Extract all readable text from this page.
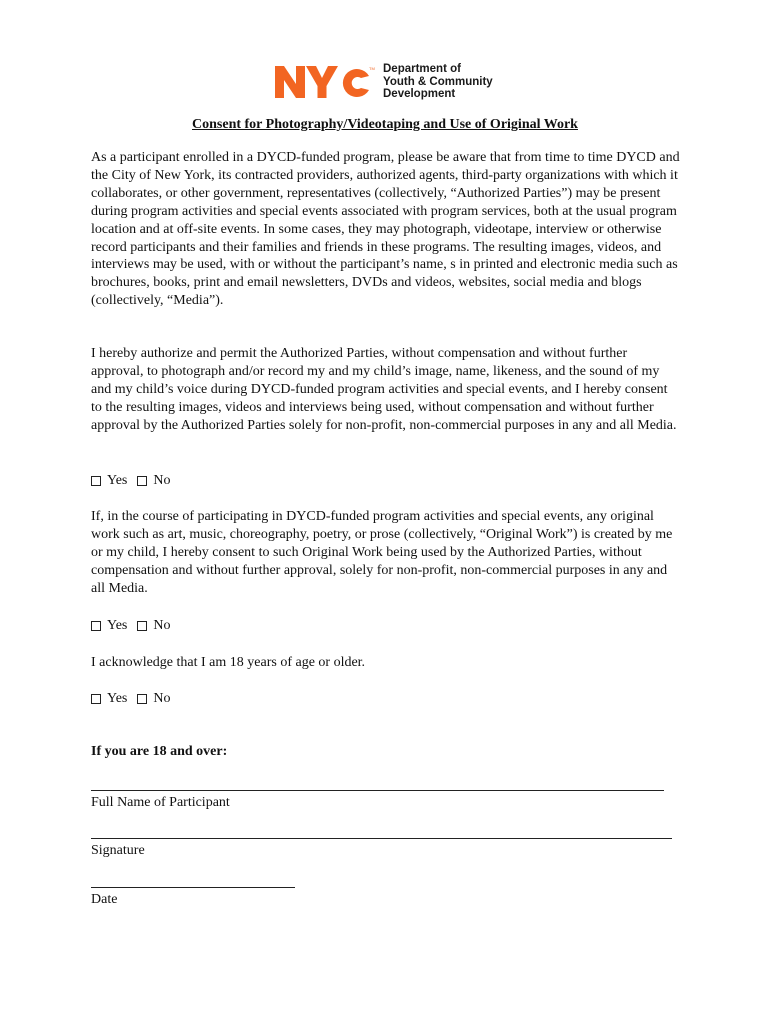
TM Department of
Youth & Community
Development
Consent for Photography/Videotaping and Use of Original Work

As a participant enrolled in a DYCD-funded program, please be aware that from time to time DYCD and the City of New York, its contracted providers, authorized agents, third-party organizations with which it collaborates, or other government, representatives (collectively, “Authorized Parties”) may be present during program activities and special events associated with program services, both at the usual program location and at off-site events. In some cases, they may photograph, videotape, interview or otherwise record participants and their families and friends in these programs. The resulting images, videos, and interviews may be used, with or without the participant’s name, s in printed and electronic media such as brochures, books, print and email newsletters, DVDs and videos, websites, social media and blogs (collectively, “Media”).

I hereby authorize and permit the Authorized Parties, without compensation and without further approval, to photograph and/or record my and my child’s image, name, likeness, and the sound of my and my child’s voice during DYCD-funded program activities and special events, and I hereby consent to the resulting images, videos and interviews being used, without compensation and without further approval by the Authorized Parties solely for non-profit, non-commercial purposes in any and all Media.

Yes No

If, in the course of participating in DYCD-funded program activities and special events, any original work such as art, music, choreography, poetry, or prose (collectively, “Original Work”) is created by me or my child, I hereby consent to such Original Work being used by the Authorized Parties, without compensation and without further approval, solely for non-profit, non-commercial purposes in any and all Media.

Yes No

I acknowledge that I am 18 years of age or older.

Yes No
If you are 18 and over:
Full Name of Participant
Signature
Date
